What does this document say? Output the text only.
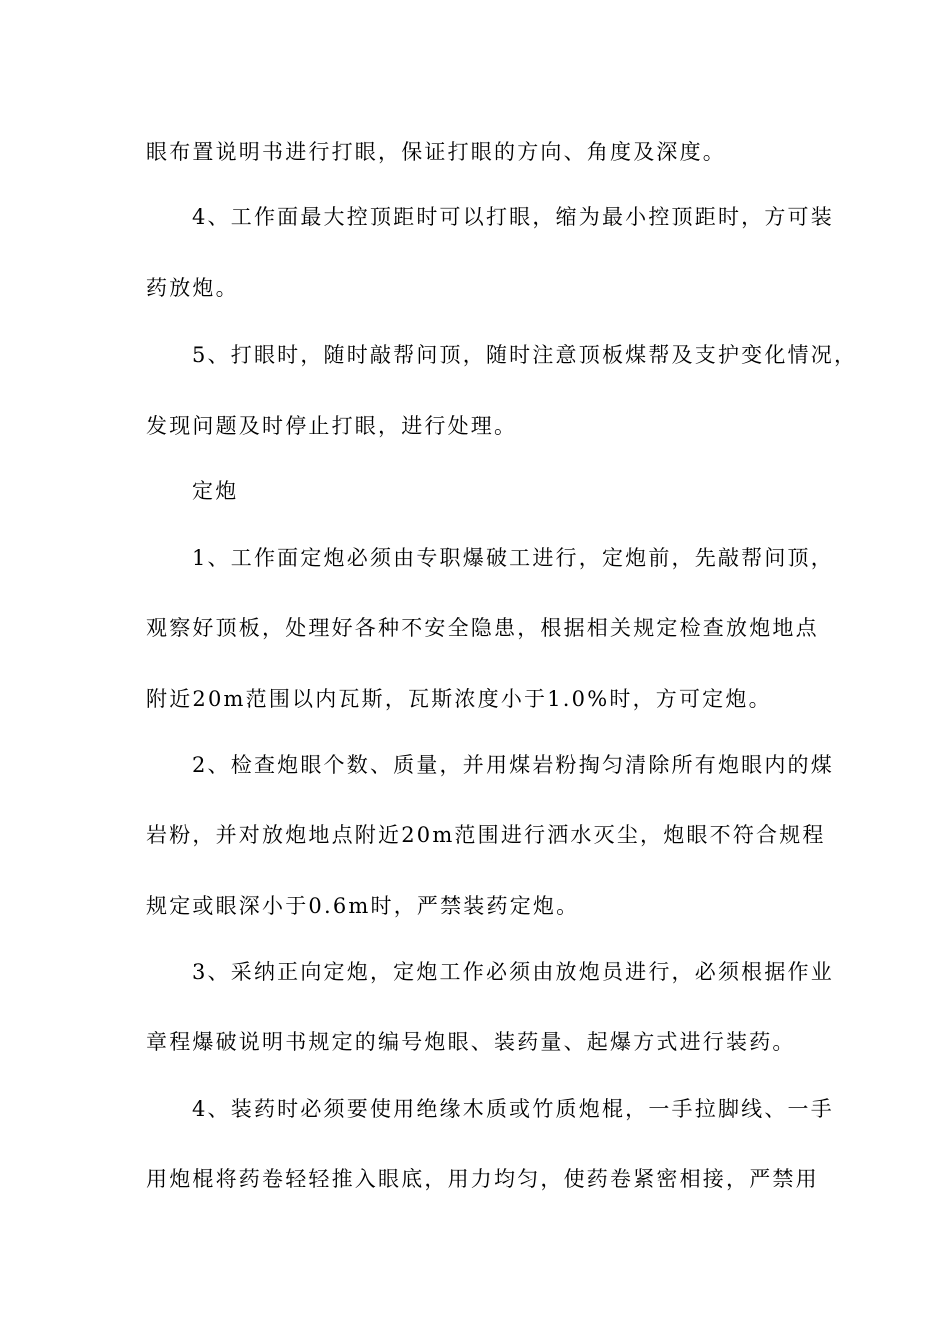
眼布置说明书进行打眼，保证打眼的方向、角度及深度。
4、工作面最大控顶距时可以打眼，缩为最小控顶距时，方可装
药放炮。
5、打眼时，随时敲帮问顶，随时注意顶板煤帮及支护变化情况，
发现问题及时停止打眼，进行处理。
定炮
1、工作面定炮必须由专职爆破工进行，定炮前，先敲帮问顶，
观察好顶板，处理好各种不安全隐患，根据相关规定检查放炮地点
附近20m范围以内瓦斯，瓦斯浓度小于1.0%时，方可定炮。
2、检查炮眼个数、质量，并用煤岩粉掏匀清除所有炮眼内的煤
岩粉，并对放炮地点附近20m范围进行洒水灭尘，炮眼不符合规程
规定或眼深小于0.6m时，严禁装药定炮。
3、采纳正向定炮，定炮工作必须由放炮员进行，必须根据作业
章程爆破说明书规定的编号炮眼、装药量、起爆方式进行装药。
4、装药时必须要使用绝缘木质或竹质炮棍，一手拉脚线、一手
用炮棍将药卷轻轻推入眼底，用力均匀，使药卷紧密相接，严禁用
